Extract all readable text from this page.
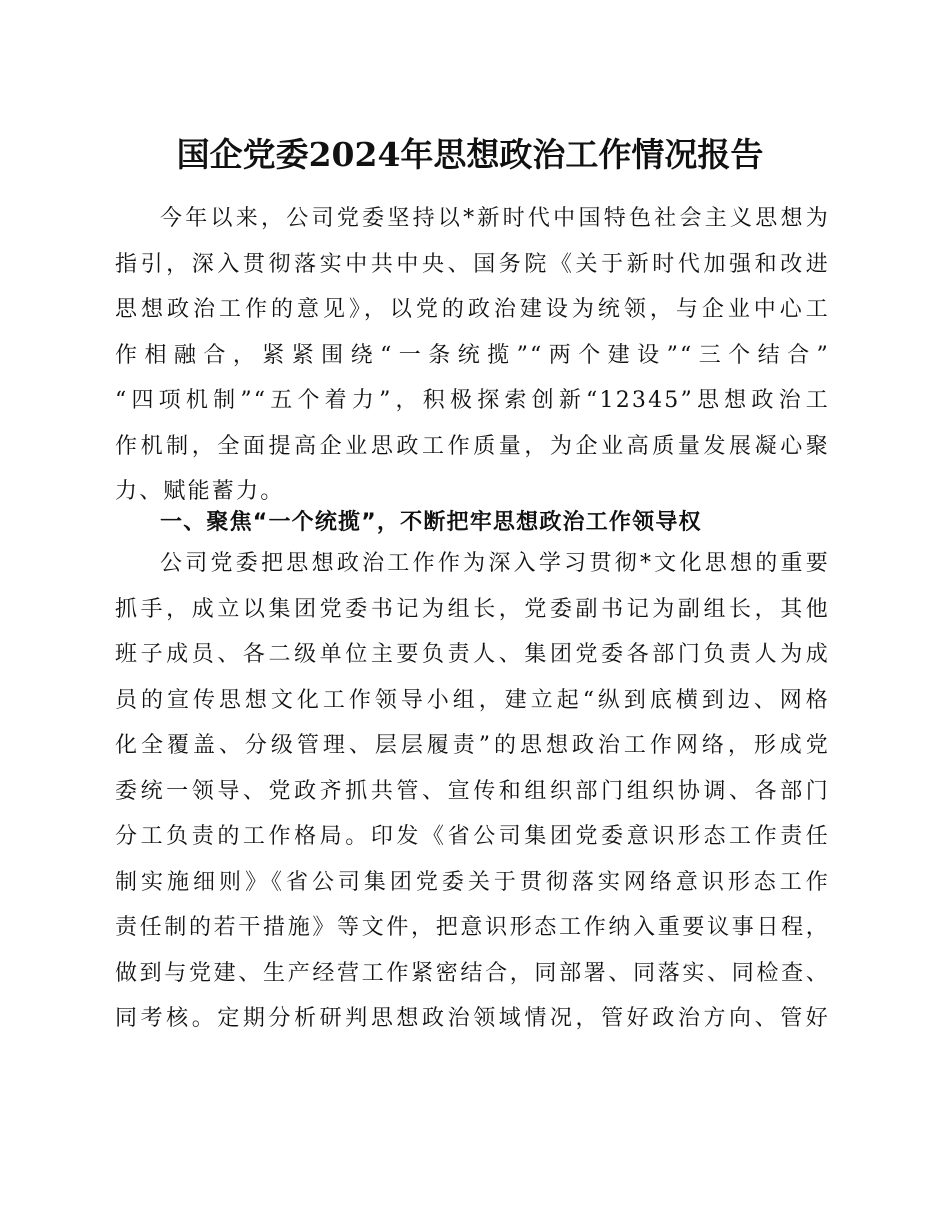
国企党委2024年思想政治工作情况报告
今年以来，公司党委坚持以*新时代中国特色社会主义思想为
指引，深入贯彻落实中共中央、国务院《关于新时代加强和改进
思想政治工作的意见》，以党的政治建设为统领，与企业中心工
作相融合，紧紧围绕“一条统揽”“两个建设”“三个结合”
“四项机制”“五个着力”，积极探索创新“12345”思想政治工
作机制，全面提高企业思政工作质量，为企业高质量发展凝心聚
力、赋能蓄力。
一、聚焦“一个统揽”，不断把牢思想政治工作领导权
公司党委把思想政治工作作为深入学习贯彻*文化思想的重要
抓手，成立以集团党委书记为组长，党委副书记为副组长，其他
班子成员、各二级单位主要负责人、集团党委各部门负责人为成
员的宣传思想文化工作领导小组，建立起“纵到底横到边、网格
化全覆盖、分级管理、层层履责”的思想政治工作网络，形成党
委统一领导、党政齐抓共管、宣传和组织部门组织协调、各部门
分工负责的工作格局。印发《省公司集团党委意识形态工作责任
制实施细则》《省公司集团党委关于贯彻落实网络意识形态工作
责任制的若干措施》等文件，把意识形态工作纳入重要议事日程，
做到与党建、生产经营工作紧密结合，同部署、同落实、同检查、
同考核。定期分析研判思想政治领域情况，管好政治方向、管好
